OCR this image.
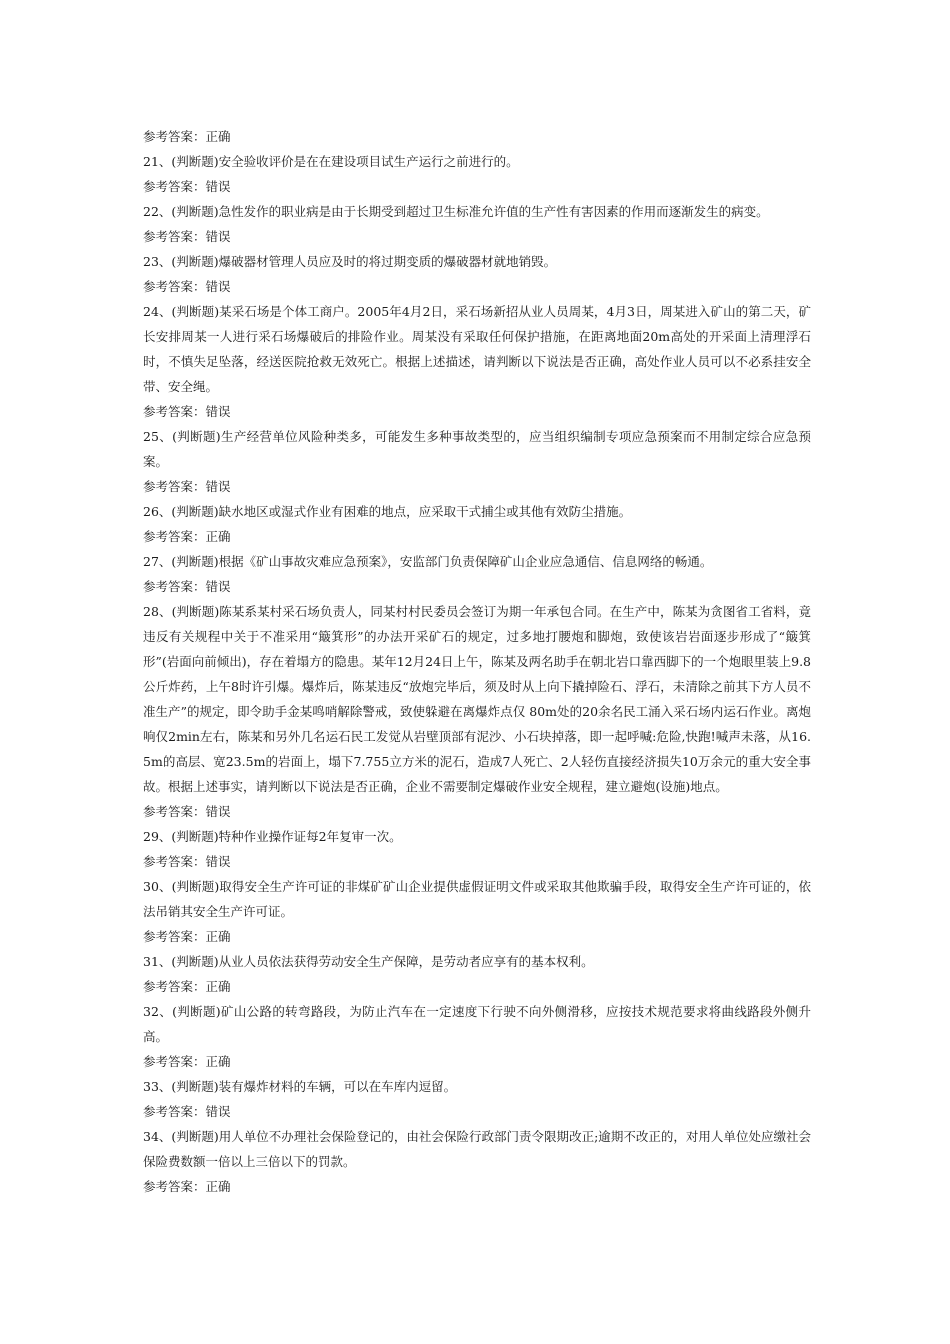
参考答案：正确

21、(判断题)安全验收评价是在在建设项目试生产运行之前进行的。

参考答案：错误

22、(判断题)急性发作的职业病是由于长期受到超过卫生标准允许值的生产性有害因素的作用而逐渐发生的病变。

参考答案：错误

23、(判断题)爆破器材管理人员应及时的将过期变质的爆破器材就地销毁。

参考答案：错误

24、(判断题)某采石场是个体工商户。2005年4月2日，采石场新招从业人员周某，4月3日，周某进入矿山的第二天，矿长安排周某一人进行采石场爆破后的排险作业。周某没有采取任何保护措施，在距离地面20m高处的开采面上清理浮石时，不慎失足坠落，经送医院抢救无效死亡。根据上述描述，请判断以下说法是否正确，高处作业人员可以不必系挂安全带、安全绳。

参考答案：错误

25、(判断题)生产经营单位风险种类多，可能发生多种事故类型的，应当组织编制专项应急预案而不用制定综合应急预案。

参考答案：错误

26、(判断题)缺水地区或湿式作业有困难的地点，应采取干式捕尘或其他有效防尘措施。

参考答案：正确

27、(判断题)根据《矿山事故灾难应急预案》，安监部门负责保障矿山企业应急通信、信息网络的畅通。

参考答案：错误

28、(判断题)陈某系某村采石场负责人，同某村村民委员会签订为期一年承包合同。在生产中，陈某为贪图省工省料，竟违反有关规程中关于不准采用“簸箕形”的办法开采矿石的规定，过多地打腰炮和脚炮，致使该岩岩面逐步形成了“簸箕形”(岩面向前倾出)，存在着塌方的隐患。某年12月24日上午，陈某及两名助手在朝北岩口靠西脚下的一个炮眼里装上9.8公斤炸药，上午8时许引爆。爆炸后，陈某违反“放炮完毕后，须及时从上向下撬掉险石、浮石，未清除之前其下方人员不准生产”的规定，即令助手金某鸣哨解除警戒，致使躲避在离爆炸点仅 80m处的20余名民工涌入采石场内运石作业。离炮响仅2min左右，陈某和另外几名运石民工发觉从岩壁顶部有泥沙、小石块掉落，即一起呼喊:危险,快跑!喊声未落，从16.5m的高层、宽23.5m的岩面上，塌下7.755立方米的泥石，造成7人死亡、2人轻伤直接经济损失10万余元的重大安全事故。根据上述事实，请判断以下说法是否正确，企业不需要制定爆破作业安全规程，建立避炮(设施)地点。

参考答案：错误

29、(判断题)特种作业操作证每2年复审一次。

参考答案：错误

30、(判断题)取得安全生产许可证的非煤矿矿山企业提供虚假证明文件或采取其他欺骗手段，取得安全生产许可证的，依法吊销其安全生产许可证。

参考答案：正确

31、(判断题)从业人员依法获得劳动安全生产保障，是劳动者应享有的基本权利。

参考答案：正确

32、(判断题)矿山公路的转弯路段，为防止汽车在一定速度下行驶不向外侧滑移，应按技术规范要求将曲线路段外侧升高。

参考答案：正确

33、(判断题)装有爆炸材料的车辆，可以在车库内逗留。

参考答案：错误

34、(判断题)用人单位不办理社会保险登记的，由社会保险行政部门责令限期改正;逾期不改正的，对用人单位处应缴社会保险费数额一倍以上三倍以下的罚款。

参考答案：正确
